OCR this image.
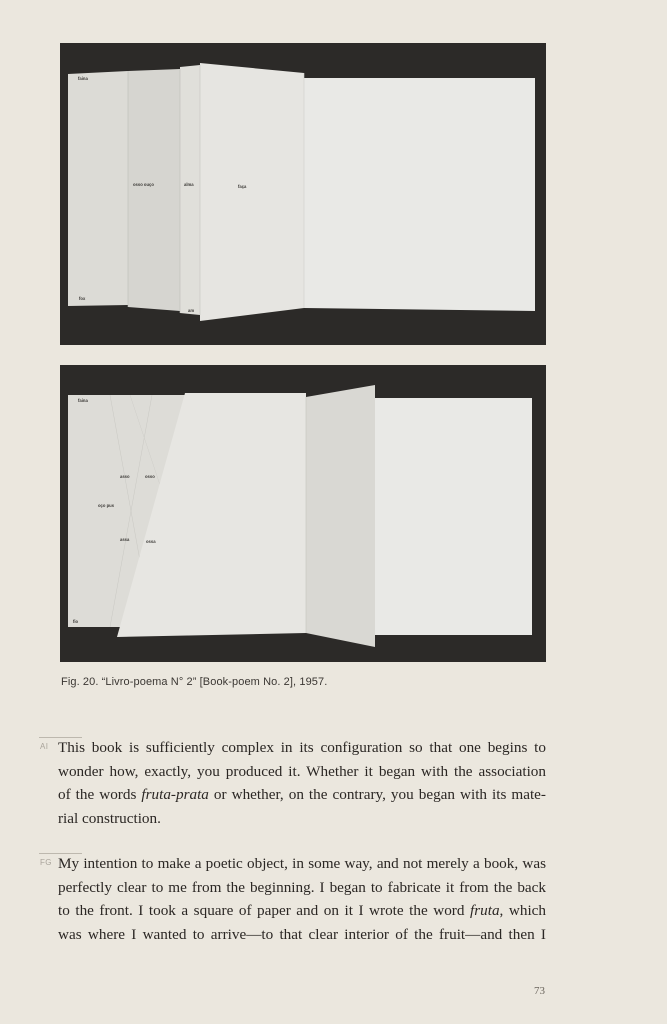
faina
osso ouço	alma	faça
fox
am
faina
asso	osso
oço pus
assa	ossa
fio
Fig. 20. “Livro-poema N° 2” [Book-poem No. 2], 1957.
AI This book is sufficiently complex in its configuration so that one begins to
wonder how, exactly, you produced it. Whether it began with the association
of the words fruta-prata or whether, on the contrary, you began with its mate-
rial construction.
FG My intention to make a poetic object, in some way, and not merely a book, was
perfectly clear to me from the beginning. I began to fabricate it from the back
to the front. I took a square of paper and on it I wrote the word fruta, which
was where I wanted to arrive—to that clear interior of the fruit—and then I
73
